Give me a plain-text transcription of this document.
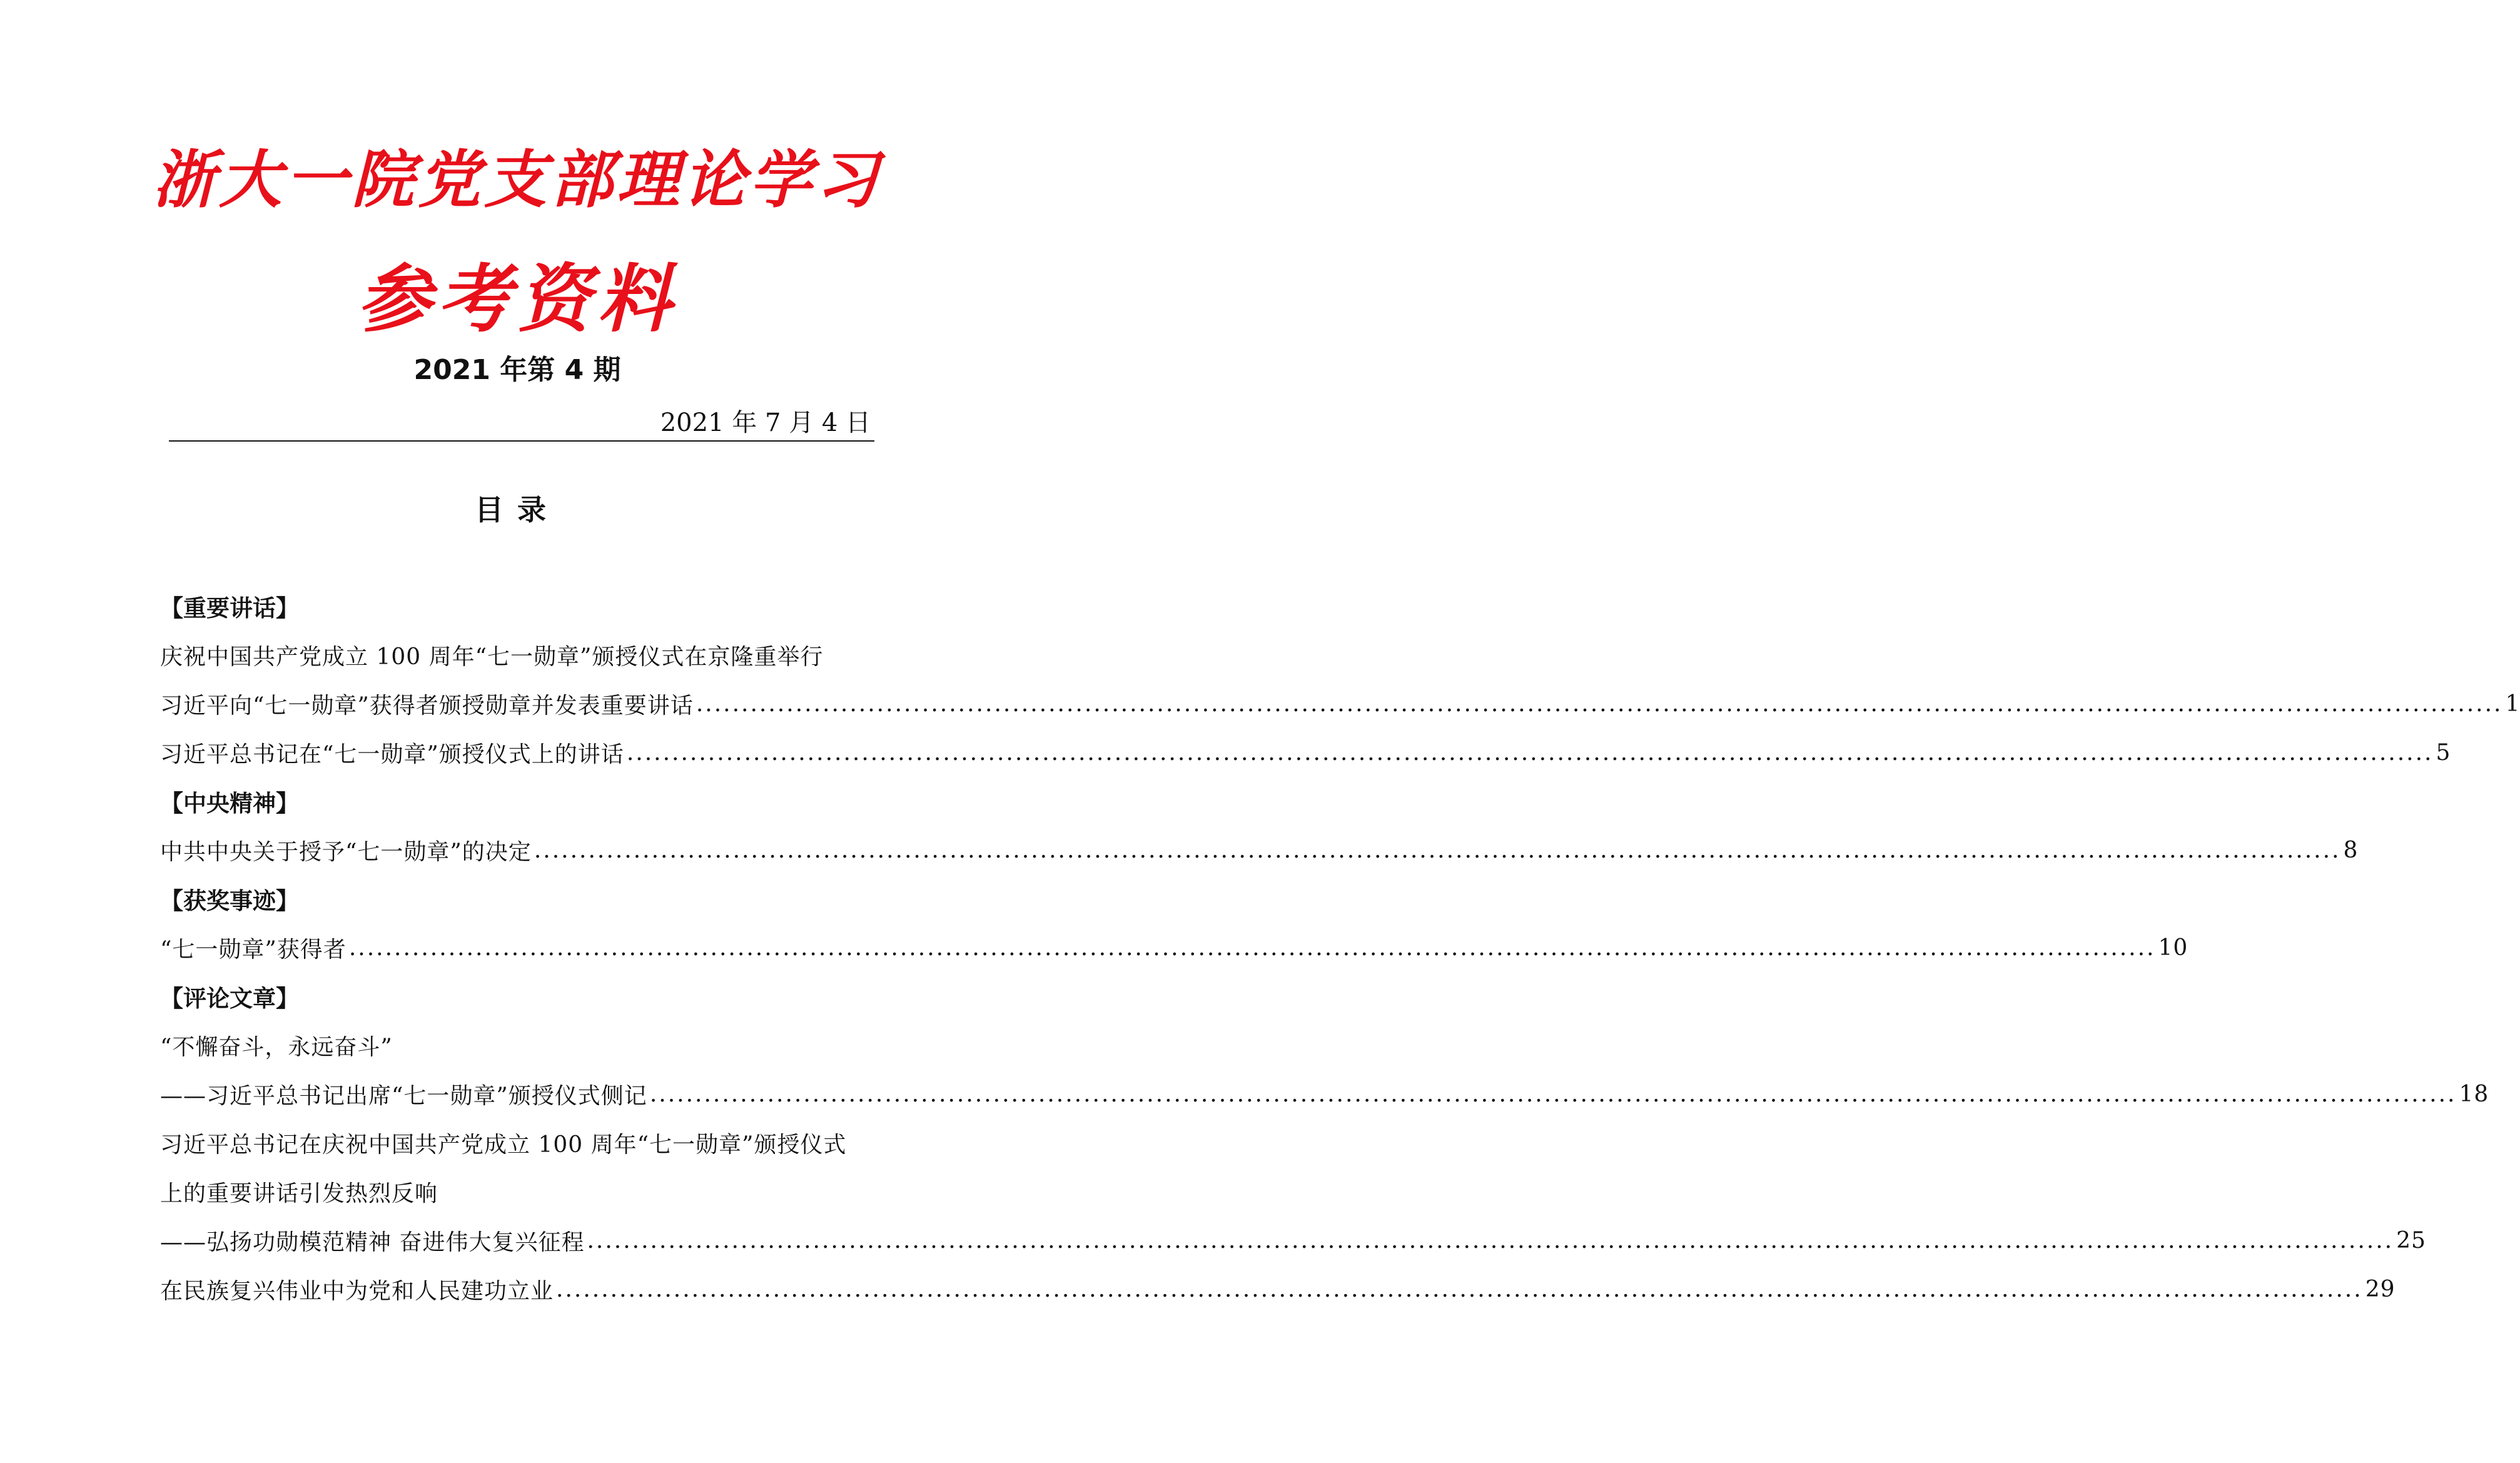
浙大一院党支部理论学习
参考资料
2021 年第 4 期
2021 年 7 月 4 日
目录
【重要讲话】
庆祝中国共产党成立 100 周年“七一勋章”颁授仪式在京隆重举行
习近平向“七一勋章”获得者颁授勋章并发表重要讲话 ........................................................................................................................................................................................................ 1
习近平总书记在“七一勋章”颁授仪式上的讲话 ........................................................................................................................................................................................................ 5
【中央精神】
中共中央关于授予“七一勋章”的决定 ........................................................................................................................................................................................................ 8
【获奖事迹】
“七一勋章”获得者 ........................................................................................................................................................................................................ 10
【评论文章】
“不懈奋斗，永远奋斗”
——习近平总书记出席“七一勋章”颁授仪式侧记 ........................................................................................................................................................................................................ 18
习近平总书记在庆祝中国共产党成立 100 周年“七一勋章”颁授仪式
上的重要讲话引发热烈反响
——弘扬功勋模范精神 奋进伟大复兴征程 ........................................................................................................................................................................................................ 25
在民族复兴伟业中为党和人民建功立业 ........................................................................................................................................................................................................ 29
